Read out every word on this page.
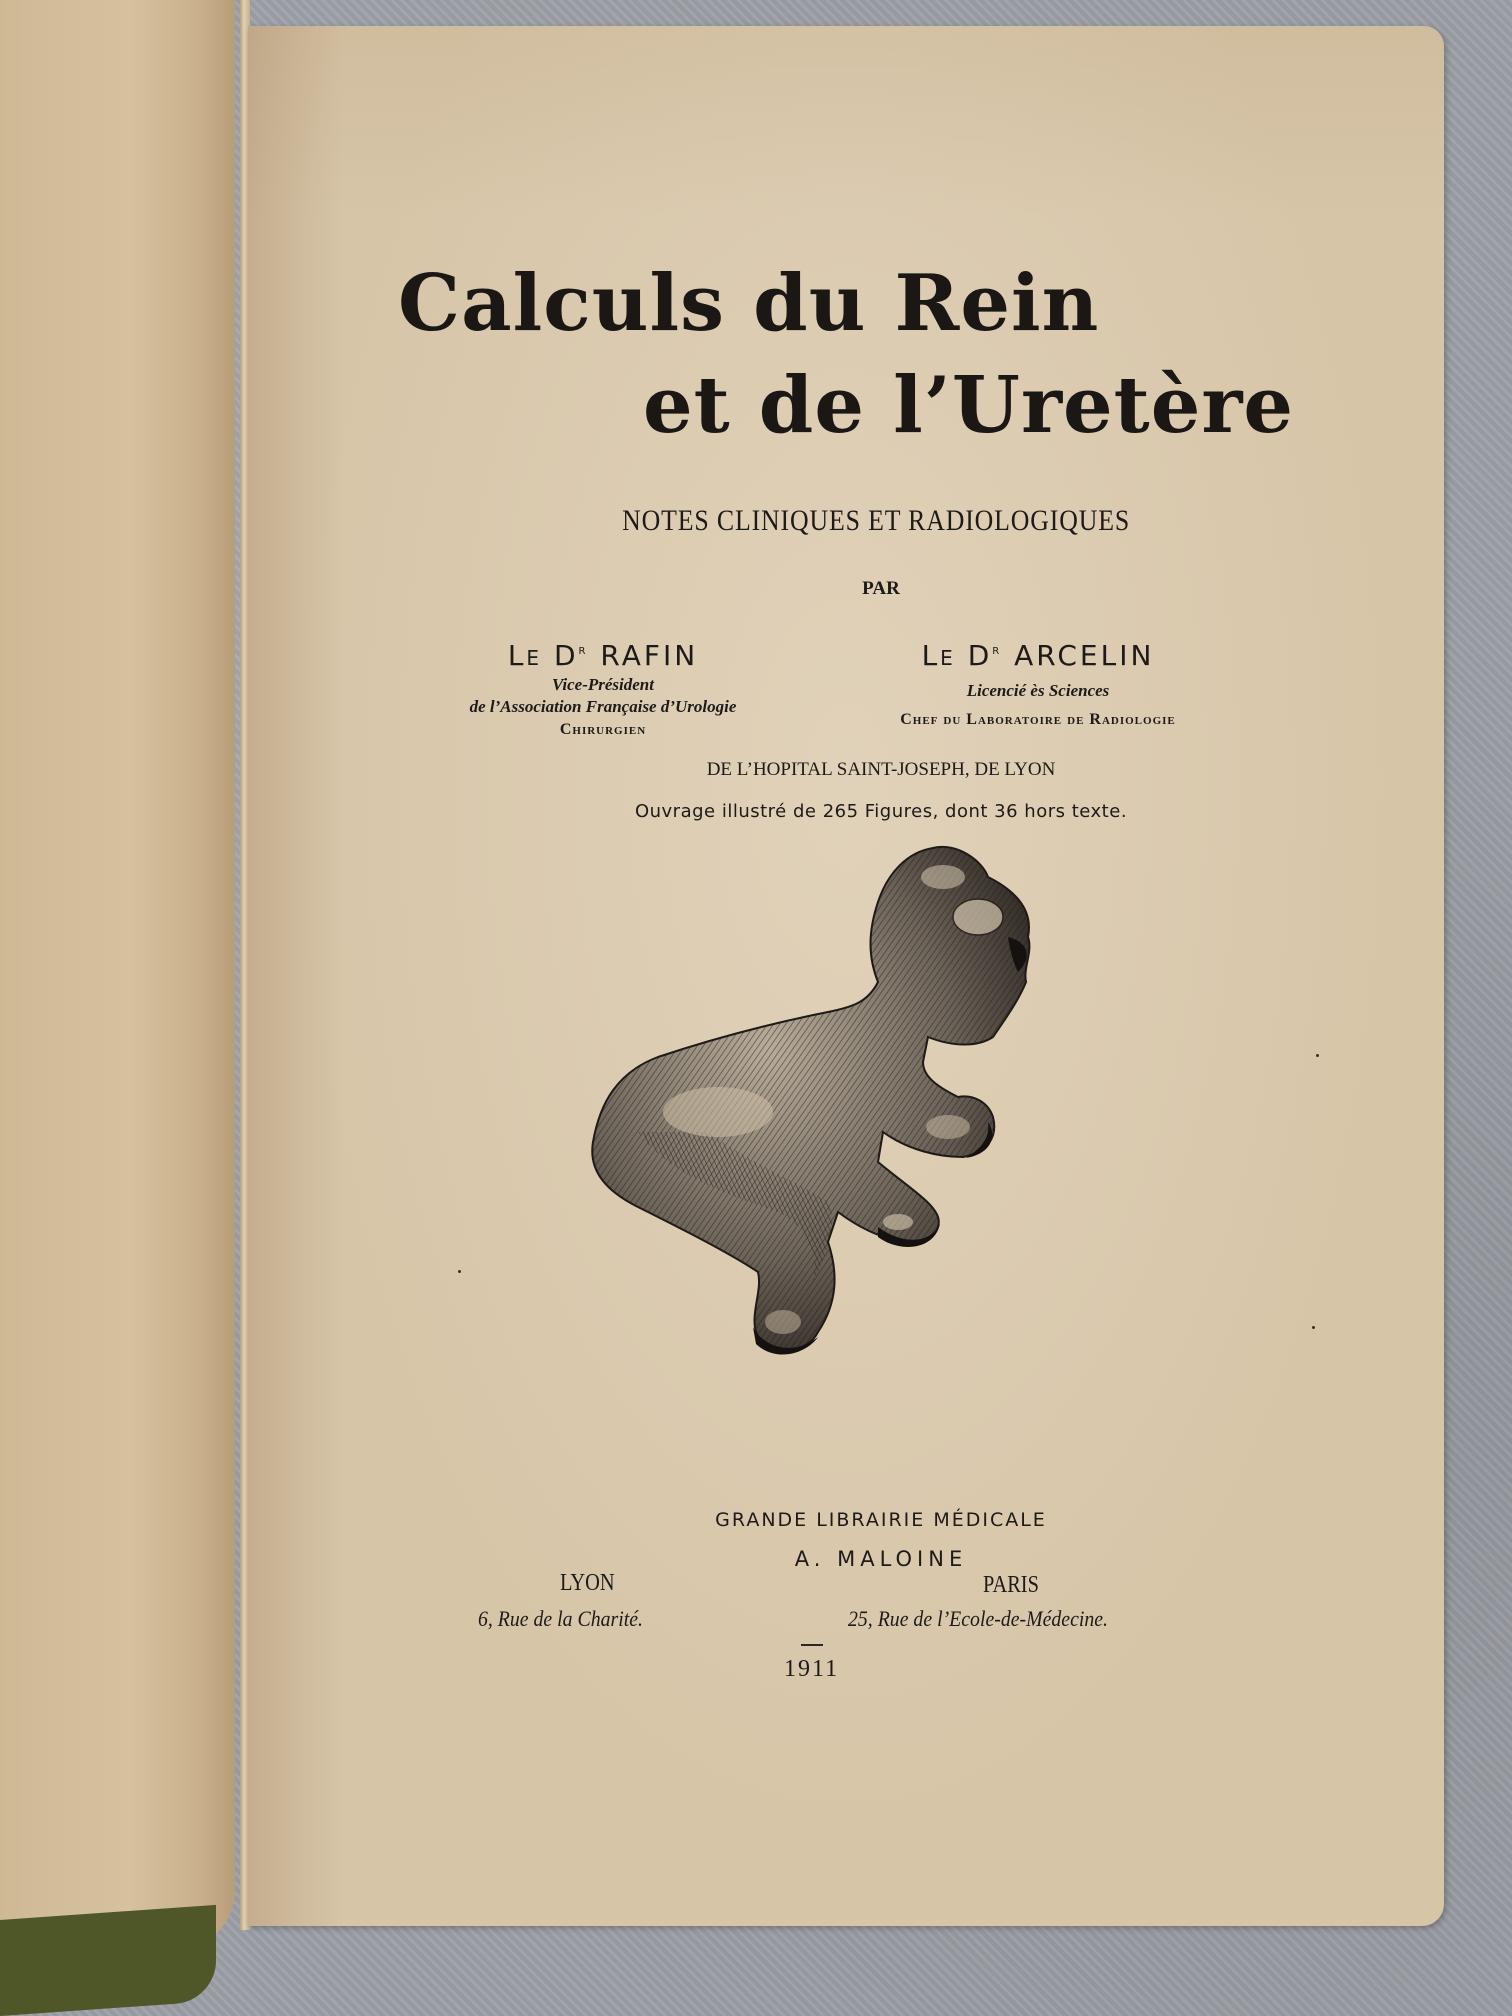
Calculs du Rein
et de l’Uretère
NOTES CLINIQUES ET RADIOLOGIQUES
PAR
Le $D^r$ RAFIN
Vice-Président
de l’Association Française d’Urologie
Chirurgien
Le $D^r$ ARCELIN
Licencié ès Sciences
Chef du Laboratoire de Radiologie
DE L’HOPITAL SAINT-JOSEPH, DE LYON
Ouvrage illustré de 265 Figures, dont 36 hors texte.
GRANDE LIBRAIRIE MÉDICALE
A. MALOINE
LYON	PARIS
6, Rue de la Charité.	25, Rue de l’Ecole-de-Médecine.
1911
